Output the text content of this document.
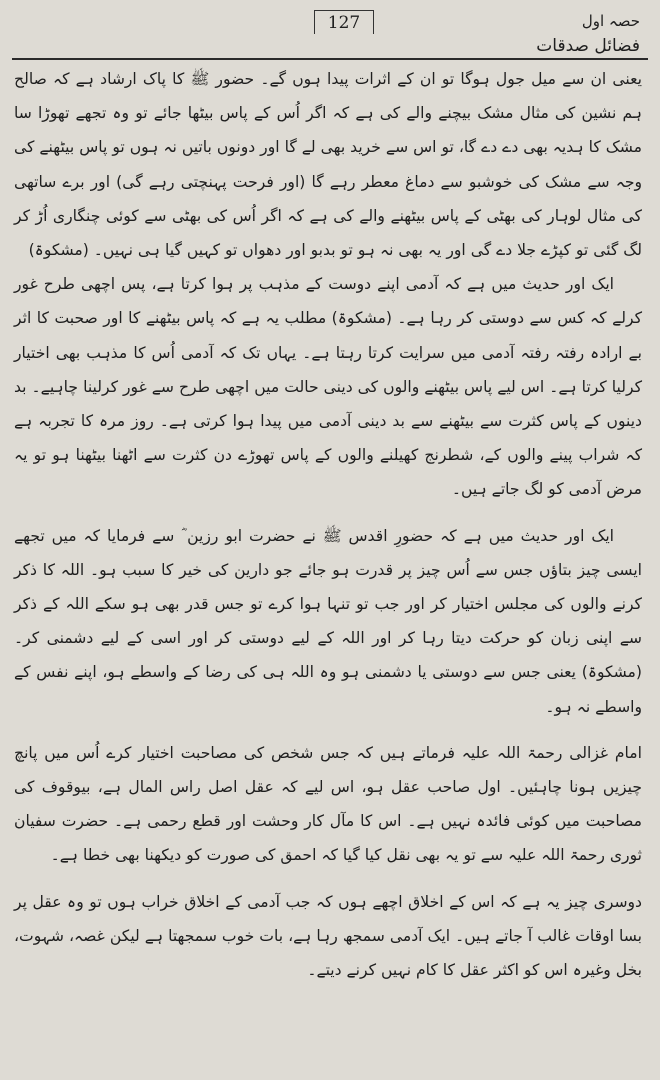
127	حصہ اول
فضائل صدقات

یعنی ان سے میل جول ہوگا تو ان کے اثرات پیدا ہوں گے۔ حضور ﷺ کا پاک ارشاد ہے کہ صالح ہم نشین کی مثال مشک بیچنے والے کی ہے کہ اگر اُس کے پاس بیٹھا جائے تو وہ تجھے تھوڑا سا مشک کا ہدیہ بھی دے دے گا، تو اس سے خرید بھی لے گا اور دونوں باتیں نہ ہوں تو پاس بیٹھنے کی وجہ سے مشک کی خوشبو سے دماغ معطر رہے گا (اور فرحت پہنچتی رہے گی) اور برے ساتھی کی مثال لوہار کی بھٹی کے پاس بیٹھنے والے کی ہے کہ اگر اُس کی بھٹی سے کوئی چنگاری اُڑ کر لگ گئی تو کپڑے جلا دے گی اور یہ بھی نہ ہو تو بدبو اور دھواں تو کہیں گیا ہی نہیں۔ (مشکوۃ)

ایک اور حدیث میں ہے کہ آدمی اپنے دوست کے مذہب پر ہوا کرتا ہے، پس اچھی طرح غور کرلے کہ کس سے دوستی کر رہا ہے۔ (مشکوۃ) مطلب یہ ہے کہ پاس بیٹھنے کا اور صحبت کا اثر بے ارادہ رفتہ رفتہ آدمی میں سرایت کرتا رہتا ہے۔ یہاں تک کہ آدمی اُس کا مذہب بھی اختیار کرلیا کرتا ہے۔ اس لیے پاس بیٹھنے والوں کی دینی حالت میں اچھی طرح سے غور کرلینا چاہیے۔ بد دینوں کے پاس کثرت سے بیٹھنے سے بد دینی آدمی میں پیدا ہوا کرتی ہے۔ روز مرہ کا تجربہ ہے کہ شراب پینے والوں کے، شطرنج کھیلنے والوں کے پاس تھوڑے دن کثرت سے اٹھنا بیٹھنا ہو تو یہ مرض آدمی کو لگ جاتے ہیں۔

ایک اور حدیث میں ہے کہ حضورِ اقدس ﷺ نے حضرت ابو رزین ؓ سے فرمایا کہ میں تجھے ایسی چیز بتاؤں جس سے اُس چیز پر قدرت ہو جائے جو دارین کی خیر کا سبب ہو۔ اللہ کا ذکر کرنے والوں کی مجلس اختیار کر اور جب تو تنہا ہوا کرے تو جس قدر بھی ہو سکے اللہ کے ذکر سے اپنی زبان کو حرکت دیتا رہا کر اور اللہ کے لیے دوستی کر اور اسی کے لیے دشمنی کر۔ (مشکوۃ) یعنی جس سے دوستی یا دشمنی ہو وہ اللہ ہی کی رضا کے واسطے ہو، اپنے نفس کے واسطے نہ ہو۔

امام غزالی رحمۃ اللہ علیہ فرماتے ہیں کہ جس شخص کی مصاحبت اختیار کرے اُس میں پانچ چیزیں ہونا چاہئیں۔ اول صاحب عقل ہو، اس لیے کہ عقل اصل راس المال ہے، بیوقوف کی مصاحبت میں کوئی فائدہ نہیں ہے۔ اس کا مآل کار وحشت اور قطع رحمی ہے۔ حضرت سفیان ثوری رحمۃ اللہ علیہ سے تو یہ بھی نقل کیا گیا کہ احمق کی صورت کو دیکھنا بھی خطا ہے۔

دوسری چیز یہ ہے کہ اس کے اخلاق اچھے ہوں کہ جب آدمی کے اخلاق خراب ہوں تو وہ عقل پر بسا اوقات غالب آ جاتے ہیں۔ ایک آدمی سمجھ رہا ہے، بات خوب سمجھتا ہے لیکن غصہ، شہوت، بخل وغیرہ اس کو اکثر عقل کا کام نہیں کرنے دیتے۔
